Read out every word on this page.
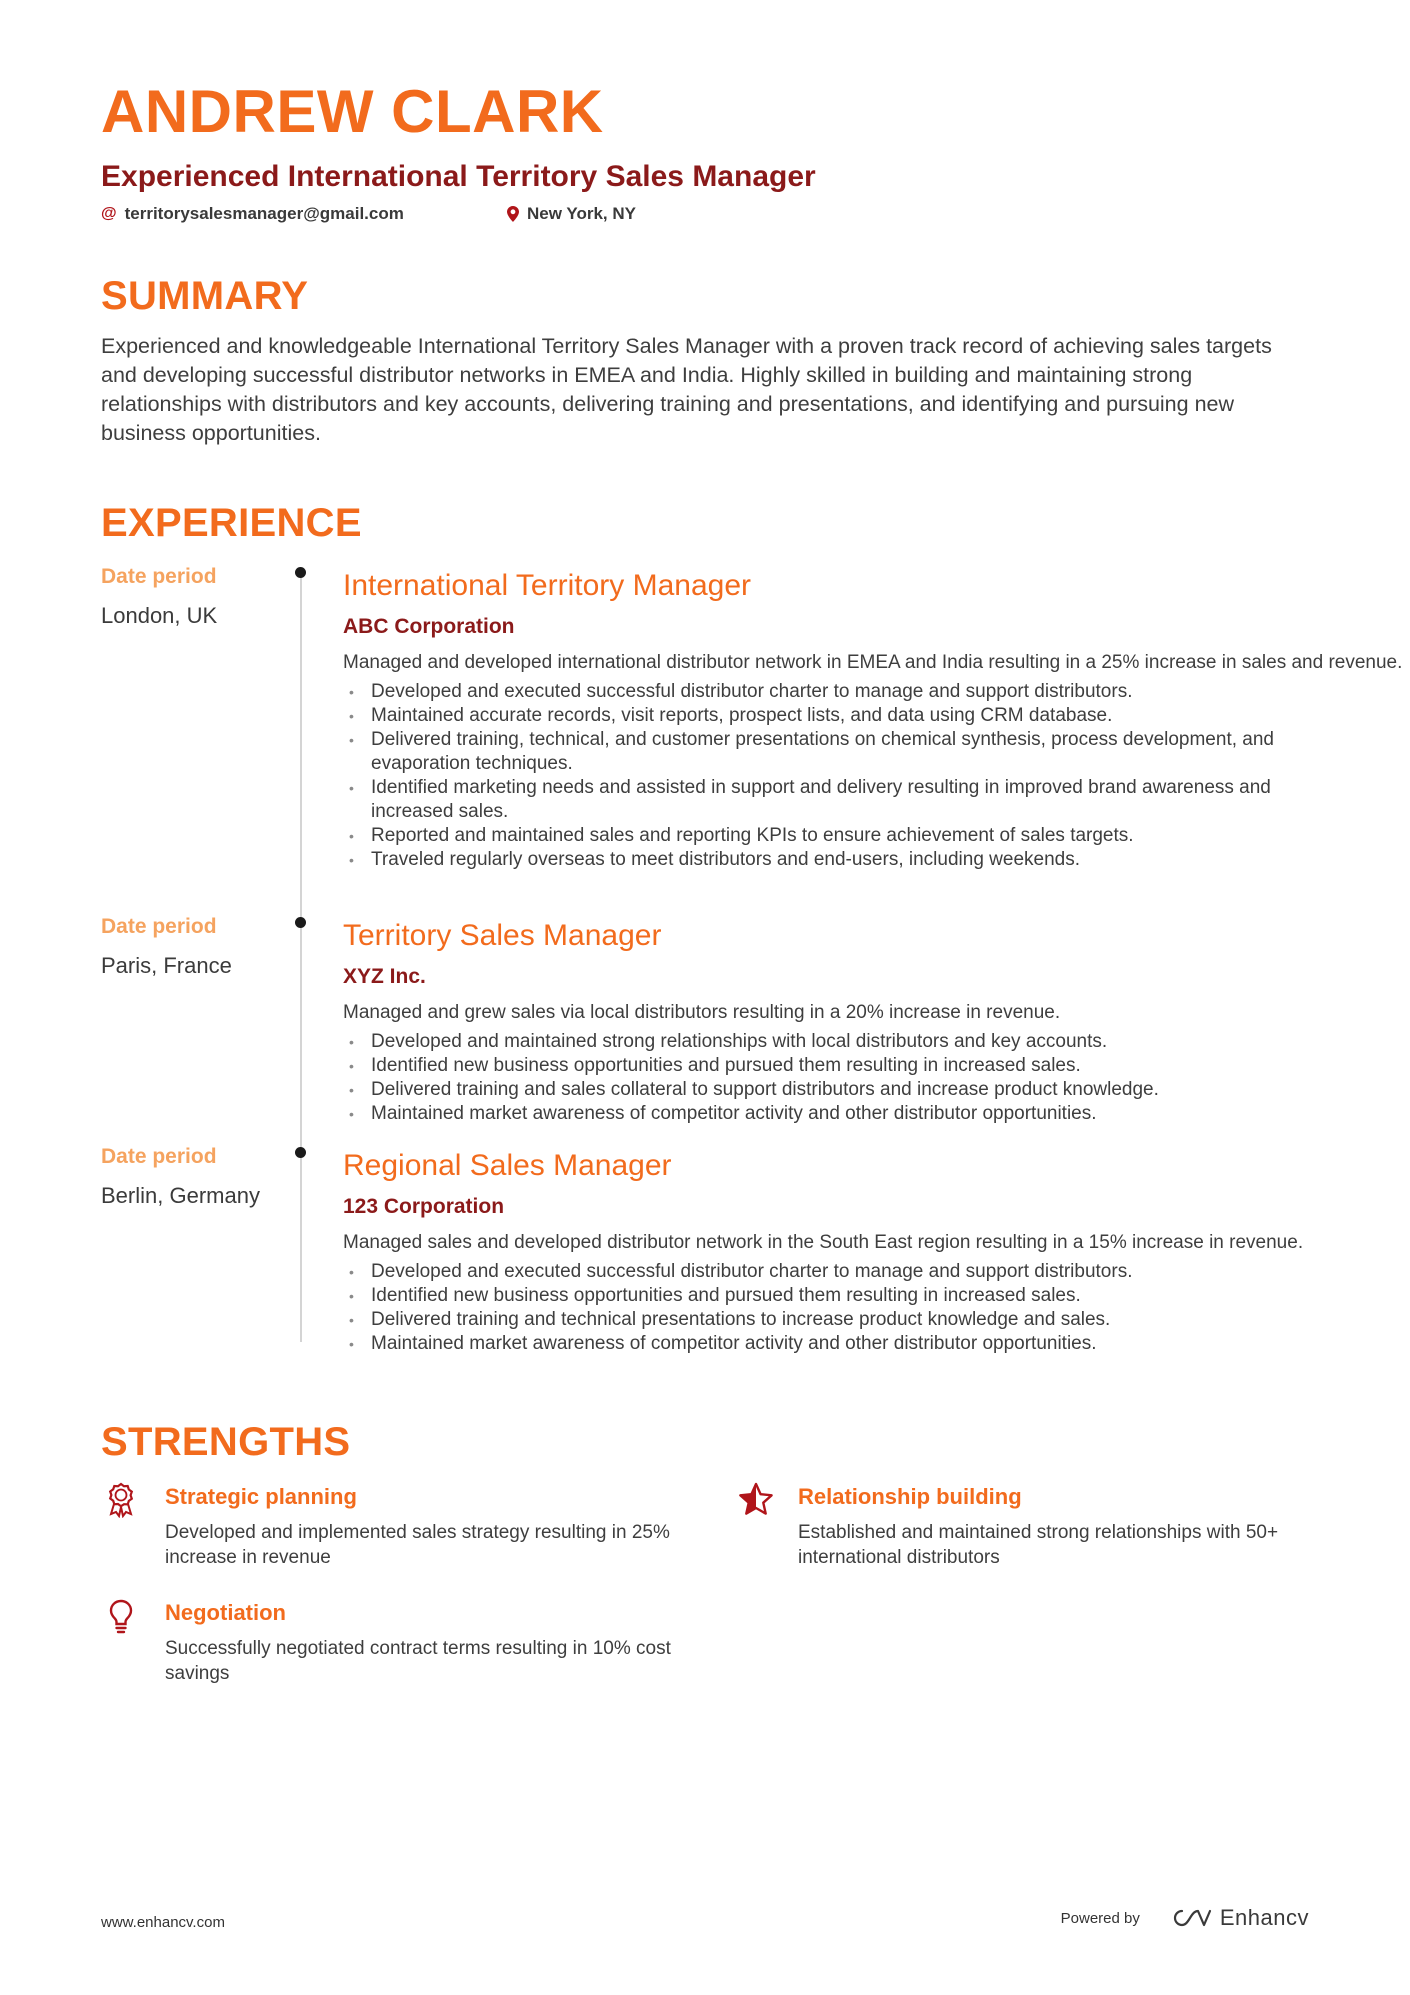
ANDREW CLARK
Experienced International Territory Sales Manager
@ territorysalesmanager@gmail.com	New York, NY
SUMMARY
Experienced and knowledgeable International Territory Sales Manager with a proven track record of achieving sales targets and developing successful distributor networks in EMEA and India. Highly skilled in building and maintaining strong relationships with distributors and key accounts, delivering training and presentations, and identifying and pursuing new business opportunities.
EXPERIENCE
Date period
London, UK
International Territory Manager
ABC Corporation
Managed and developed international distributor network in EMEA and India resulting in a 25% increase in sales and revenue.
• Developed and executed successful distributor charter to manage and support distributors.
• Maintained accurate records, visit reports, prospect lists, and data using CRM database.
• Delivered training, technical, and customer presentations on chemical synthesis, process development, and evaporation techniques.
• Identified marketing needs and assisted in support and delivery resulting in improved brand awareness and increased sales.
• Reported and maintained sales and reporting KPIs to ensure achievement of sales targets.
• Traveled regularly overseas to meet distributors and end-users, including weekends.
Date period
Paris, France
Territory Sales Manager
XYZ Inc.
Managed and grew sales via local distributors resulting in a 20% increase in revenue.
• Developed and maintained strong relationships with local distributors and key accounts.
• Identified new business opportunities and pursued them resulting in increased sales.
• Delivered training and sales collateral to support distributors and increase product knowledge.
• Maintained market awareness of competitor activity and other distributor opportunities.
Date period
Berlin, Germany
Regional Sales Manager
123 Corporation
Managed sales and developed distributor network in the South East region resulting in a 15% increase in revenue.
• Developed and executed successful distributor charter to manage and support distributors.
• Identified new business opportunities and pursued them resulting in increased sales.
• Delivered training and technical presentations to increase product knowledge and sales.
• Maintained market awareness of competitor activity and other distributor opportunities.
STRENGTHS
Strategic planning
Developed and implemented sales strategy resulting in 25% increase in revenue
Relationship building
Established and maintained strong relationships with 50+ international distributors
Negotiation
Successfully negotiated contract terms resulting in 10% cost savings
www.enhancv.com	Powered by	Enhancv
